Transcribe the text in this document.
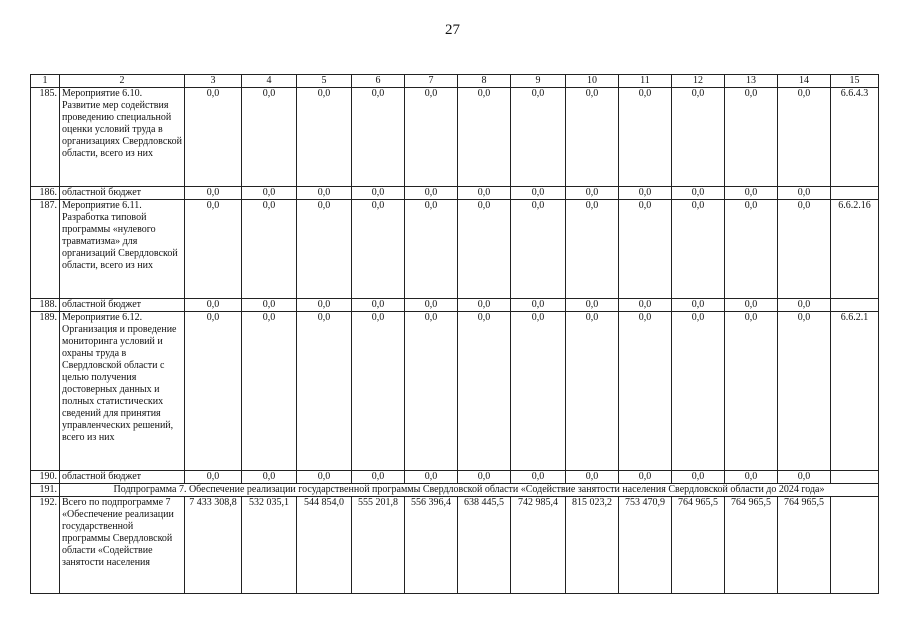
27
1	2	3	4	5	6	7	8	9	10	11	12	13	14	15
185.	Мероприятие 6.10. Развитие мер содействия проведению специальной оценки условий труда в организациях Свердловской области, всего из них	0,0	0,0	0,0	0,0	0,0	0,0	0,0	0,0	0,0	0,0	0,0	0,0	6.6.4.3
186.	областной бюджет	0,0	0,0	0,0	0,0	0,0	0,0	0,0	0,0	0,0	0,0	0,0	0,0	
187.	Мероприятие 6.11. Разработка типовой программы «нулевого травматизма» для организаций Свердловской области, всего из них	0,0	0,0	0,0	0,0	0,0	0,0	0,0	0,0	0,0	0,0	0,0	0,0	6.6.2.16
188.	областной бюджет	0,0	0,0	0,0	0,0	0,0	0,0	0,0	0,0	0,0	0,0	0,0	0,0	
189.	Мероприятие 6.12. Организация и проведение мониторинга условий и охраны труда в Свердловской области с целью получения достоверных данных и полных статистических сведений для принятия управленческих решений, всего из них	0,0	0,0	0,0	0,0	0,0	0,0	0,0	0,0	0,0	0,0	0,0	0,0	6.6.2.1
190.	областной бюджет	0,0	0,0	0,0	0,0	0,0	0,0	0,0	0,0	0,0	0,0	0,0	0,0	
191.	Подпрограмма 7. Обеспечение реализации государственной программы Свердловской области «Содействие занятости населения Свердловской области до 2024 года»													
192.	Всего по подпрограмме 7 «Обеспечение реализации государственной программы Свердловской области «Содействие занятости населения	7 433 308,8	532 035,1	544 854,0	555 201,8	556 396,4	638 445,5	742 985,4	815 023,2	753 470,9	764 965,5	764 965,5	764 965,5	
